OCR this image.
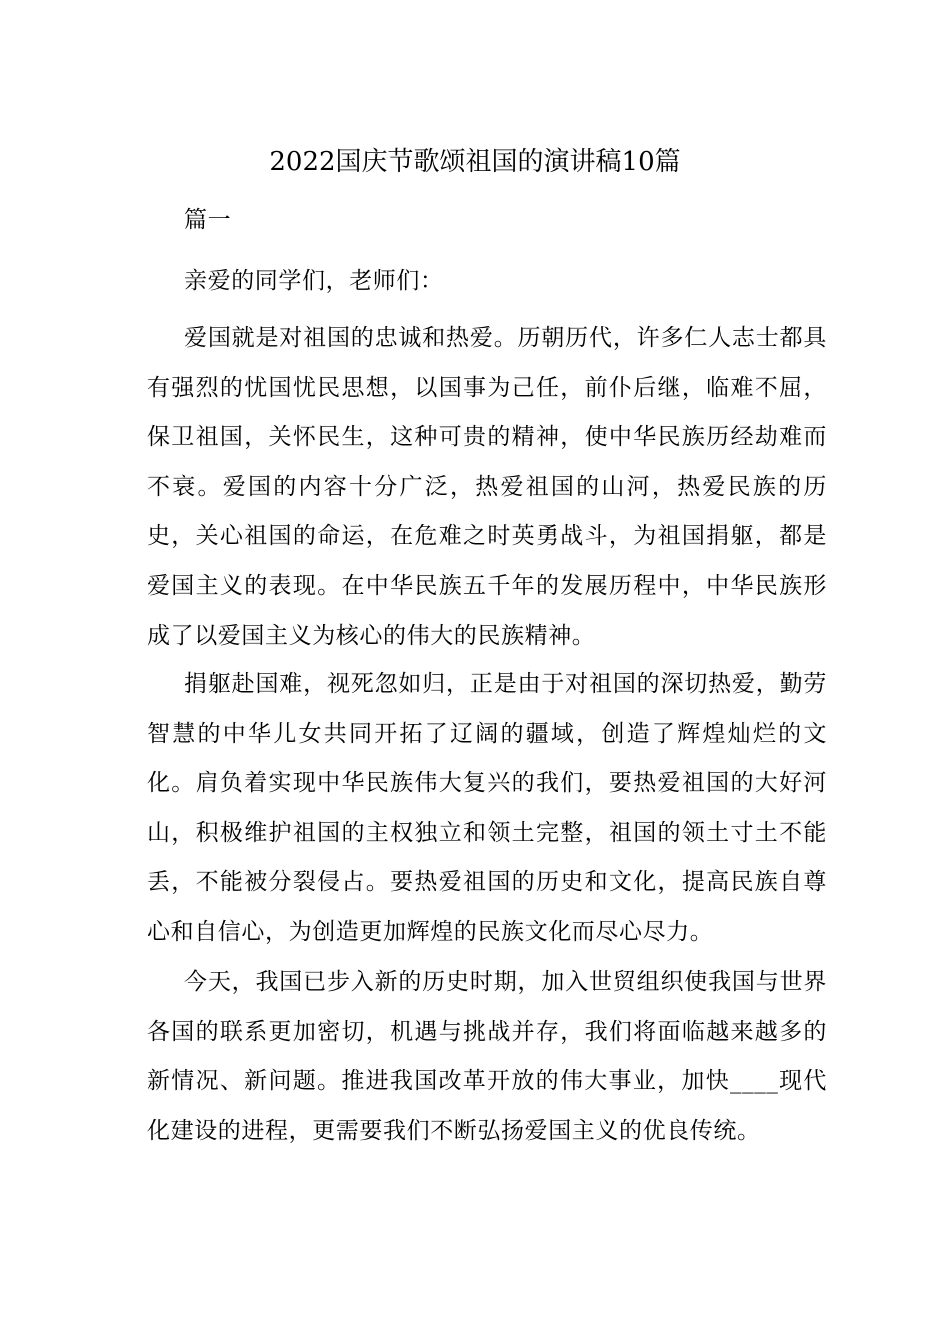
2022国庆节歌颂祖国的演讲稿10篇

篇一

亲爱的同学们，老师们：

爱国就是对祖国的忠诚和热爱。历朝历代，许多仁人志士都具有强烈的忧国忧民思想，以国事为己任，前仆后继，临难不屈，保卫祖国，关怀民生，这种可贵的精神，使中华民族历经劫难而不衰。爱国的内容十分广泛，热爱祖国的山河，热爱民族的历史，关心祖国的命运，在危难之时英勇战斗，为祖国捐躯，都是爱国主义的表现。在中华民族五千年的发展历程中，中华民族形成了以爱国主义为核心的伟大的民族精神。

捐躯赴国难，视死忽如归，正是由于对祖国的深切热爱，勤劳智慧的中华儿女共同开拓了辽阔的疆域，创造了辉煌灿烂的文化。肩负着实现中华民族伟大复兴的我们，要热爱祖国的大好河山，积极维护祖国的主权独立和领土完整，祖国的领土寸土不能丢，不能被分裂侵占。要热爱祖国的历史和文化，提高民族自尊心和自信心，为创造更加辉煌的民族文化而尽心尽力。

今天，我国已步入新的历史时期，加入世贸组织使我国与世界各国的联系更加密切，机遇与挑战并存，我们将面临越来越多的新情况、新问题。推进我国改革开放的伟大事业，加快____现代化建设的进程，更需要我们不断弘扬爱国主义的优良传统。
